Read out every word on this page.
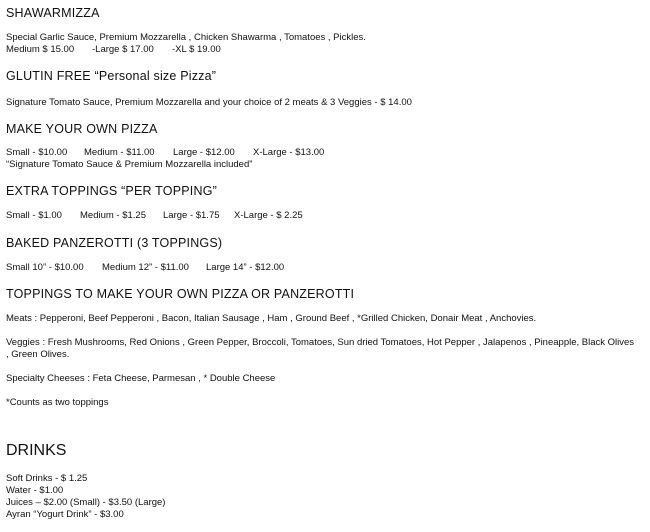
SHAWARMIZZA
Special Garlic Sauce, Premium Mozzarella , Chicken Shawarma , Tomatoes , Pickles.
Medium $ 15.00 -Large $ 17.00 -XL $ 19.00
GLUTIN FREE “Personal size Pizza”
Signature Tomato Sauce, Premium Mozzarella and your choice of 2 meats & 3 Veggies - $ 14.00
MAKE YOUR OWN PIZZA
Small - $10.00 Medium - $11.00 Large - $12.00 X-Large - $13.00
“Signature Tomato Sauce & Premium Mozzarella included”
EXTRA TOPPINGS “PER TOPPING”
Small - $1.00 Medium - $1.25 Large - $1.75 X-Large - $ 2.25
BAKED PANZEROTTI (3 TOPPINGS)
Small 10” - $10.00 Medium 12” - $11.00 Large 14” - $12.00
TOPPINGS TO MAKE YOUR OWN PIZZA OR PANZEROTTI
Meats : Pepperoni, Beef Pepperoni , Bacon, Italian Sausage , Ham , Ground Beef , *Grilled Chicken, Donair Meat , Anchovies.
Veggies : Fresh Mushrooms, Red Onions , Green Pepper, Broccoli, Tomatoes, Sun dried Tomatoes, Hot Pepper , Jalapenos , Pineapple, Black Olives , Green Olives.
Specialty Cheeses : Feta Cheese, Parmesan , * Double Cheese
*Counts as two toppings
DRINKS
Soft Drinks - $ 1.25
Water - $1.00
Juices – $2.00 (Small) - $3.50 (Large)
Ayran “Yogurt Drink” - $3.00
